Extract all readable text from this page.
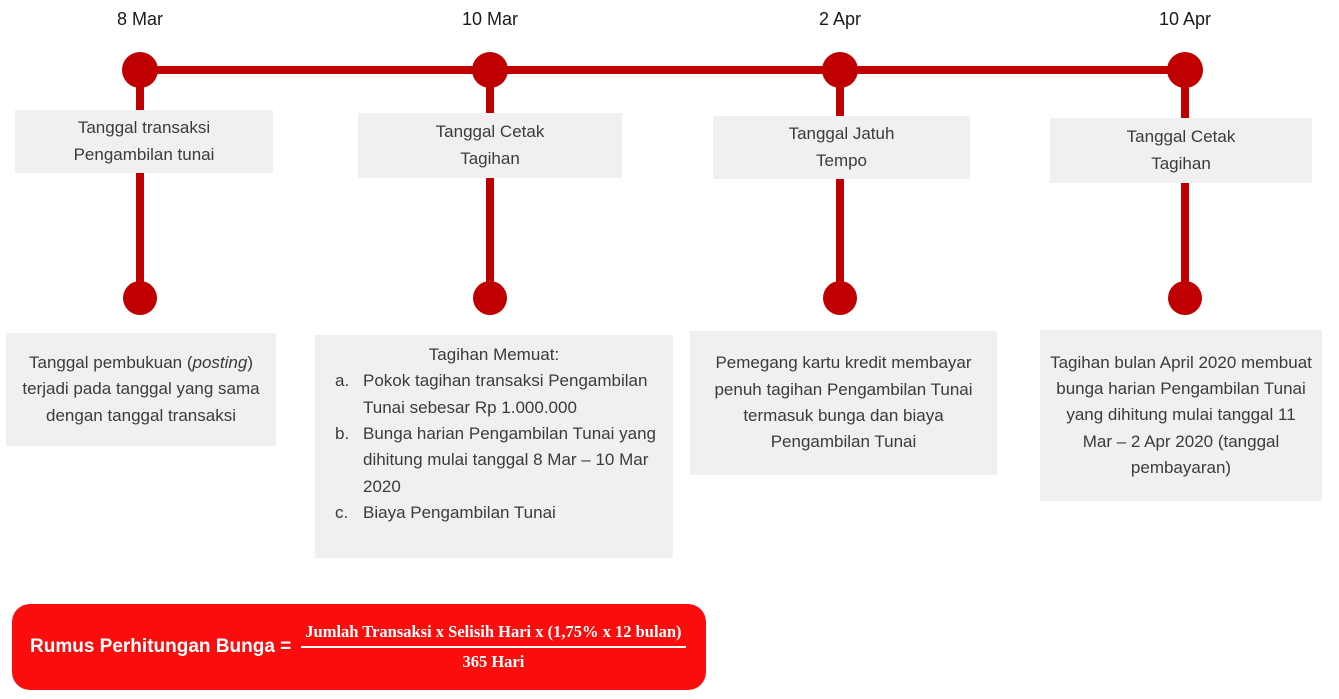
8 Mar
Tanggal transaksi
Pengambilan tunai
Tanggal pembukuan (posting) terjadi pada tanggal yang sama dengan tanggal transaksi
10 Mar
Tanggal Cetak
Tagihan
Tagihan Memuat:
a. Pokok tagihan transaksi Pengambilan Tunai sebesar Rp 1.000.000
b. Bunga harian Pengambilan Tunai yang dihitung mulai tanggal 8 Mar – 10 Mar 2020
c. Biaya Pengambilan Tunai
2 Apr
Tanggal Jatuh
Tempo
Pemegang kartu kredit membayar penuh tagihan Pengambilan Tunai termasuk bunga dan biaya Pengambilan Tunai
10 Apr
Tanggal Cetak
Tagihan
Tagihan bulan April 2020 membuat bunga harian Pengambilan Tunai yang dihitung mulai tanggal 11 Mar – 2 Apr 2020 (tanggal pembayaran)
Rumus Perhitungan Bunga = $\frac{\text{Jumlah Transaksi x Selisih Hari x (1,75\% x 12 bulan)}}{\text{365 Hari}}$
